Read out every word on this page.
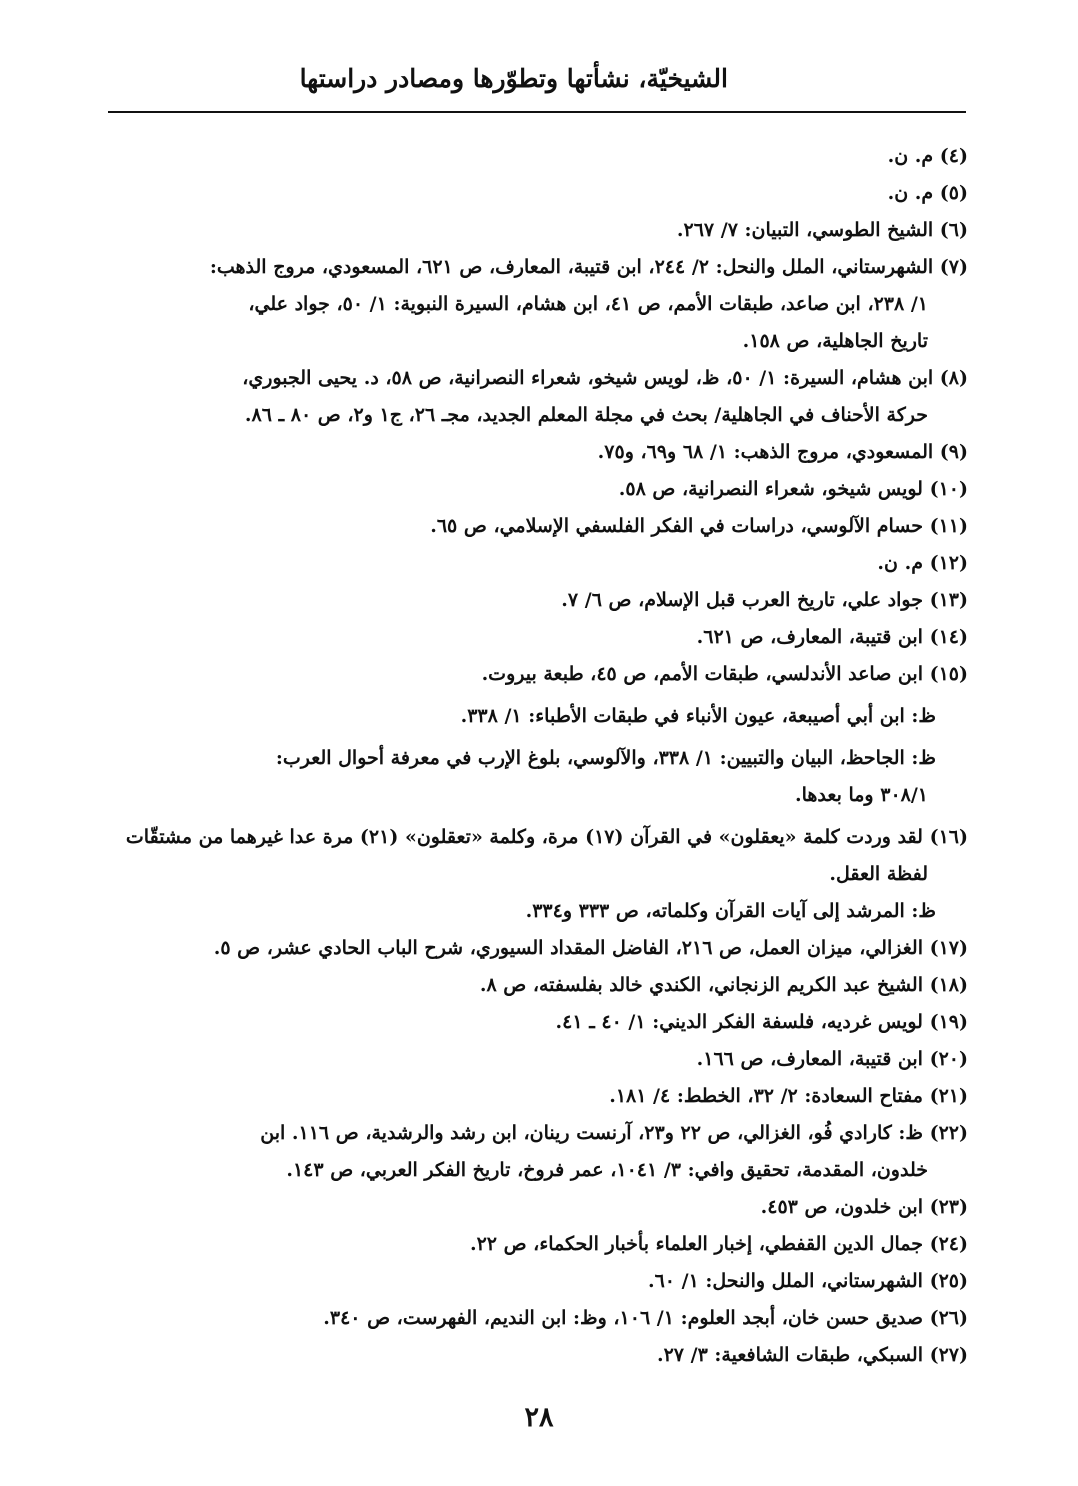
الشيخيّة، نشأتها وتطوّرها ومصادر دراستها
(٤) م. ن.
(٥) م. ن.
(٦) الشيخ الطوسي، التبيان: ٧/ ٢٦٧.
(٧) الشهرستاني، الملل والنحل: ٢/ ٢٤٤، ابن قتيبة، المعارف، ص ٦٢١، المسعودي، مروج الذهب:
١/ ٢٣٨، ابن صاعد، طبقات الأمم، ص ٤١، ابن هشام، السيرة النبوية: ١/ ٥٠، جواد علي،
تاريخ الجاهلية، ص ١٥٨.
(٨) ابن هشام، السيرة: ١/ ٥٠، ظ، لويس شيخو، شعراء النصرانية، ص ٥٨، د. يحيى الجبوري،
حركة الأحناف في الجاهلية/ بحث في مجلة المعلم الجديد، مجـ ٢٦، ج١ و٢، ص ٨٠ ـ ٨٦.
(٩) المسعودي، مروج الذهب: ١/ ٦٨ و٦٩، و٧٥.
(١٠) لويس شيخو، شعراء النصرانية، ص ٥٨.
(١١) حسام الآلوسي، دراسات في الفكر الفلسفي الإسلامي، ص ٦٥.
(١٢) م. ن.
(١٣) جواد علي، تاريخ العرب قبل الإسلام، ص ٦/ ٧.
(١٤) ابن قتيبة، المعارف، ص ٦٢١.
(١٥) ابن صاعد الأندلسي، طبقات الأمم، ص ٤٥، طبعة بيروت.
ظ: ابن أبي أصيبعة، عيون الأنباء في طبقات الأطباء: ١/ ٣٣٨.
ظ: الجاحظ، البيان والتبيين: ١/ ٣٣٨، والآلوسي، بلوغ الإرب في معرفة أحوال العرب:
٣٠٨/١ وما بعدها.
(١٦) لقد وردت كلمة «يعقلون» في القرآن (١٧) مرة، وكلمة «تعقلون» (٢١) مرة عدا غيرهما من مشتقّات
لفظة العقل.
ظ: المرشد إلى آيات القرآن وكلماته، ص ٣٣٣ و٣٣٤.
(١٧) الغزالي، ميزان العمل، ص ٢١٦، الفاضل المقداد السيوري، شرح الباب الحادي عشر، ص ٥.
(١٨) الشيخ عبد الكريم الزنجاني، الكندي خالد بفلسفته، ص ٨.
(١٩) لويس غرديه، فلسفة الفكر الديني: ١/ ٤٠ ـ ٤١.
(٢٠) ابن قتيبة، المعارف، ص ١٦٦.
(٢١) مفتاح السعادة: ٢/ ٣٢، الخطط: ٤/ ١٨١.
(٢٢) ظ: كارادي فُو، الغزالي، ص ٢٢ و٢٣، آرنست رينان، ابن رشد والرشدية، ص ١١٦. ابن
خلدون، المقدمة، تحقيق وافي: ٣/ ١٠٤١، عمر فروخ، تاريخ الفكر العربي، ص ١٤٣.
(٢٣) ابن خلدون، ص ٤٥٣.
(٢٤) جمال الدين القفطي، إخبار العلماء بأخبار الحكماء، ص ٢٢.
(٢٥) الشهرستاني، الملل والنحل: ١/ ٦٠.
(٢٦) صديق حسن خان، أبجد العلوم: ١/ ١٠٦، وظ: ابن النديم، الفهرست، ص ٣٤٠.
(٢٧) السبكي، طبقات الشافعية: ٣/ ٢٧.
٢٨
